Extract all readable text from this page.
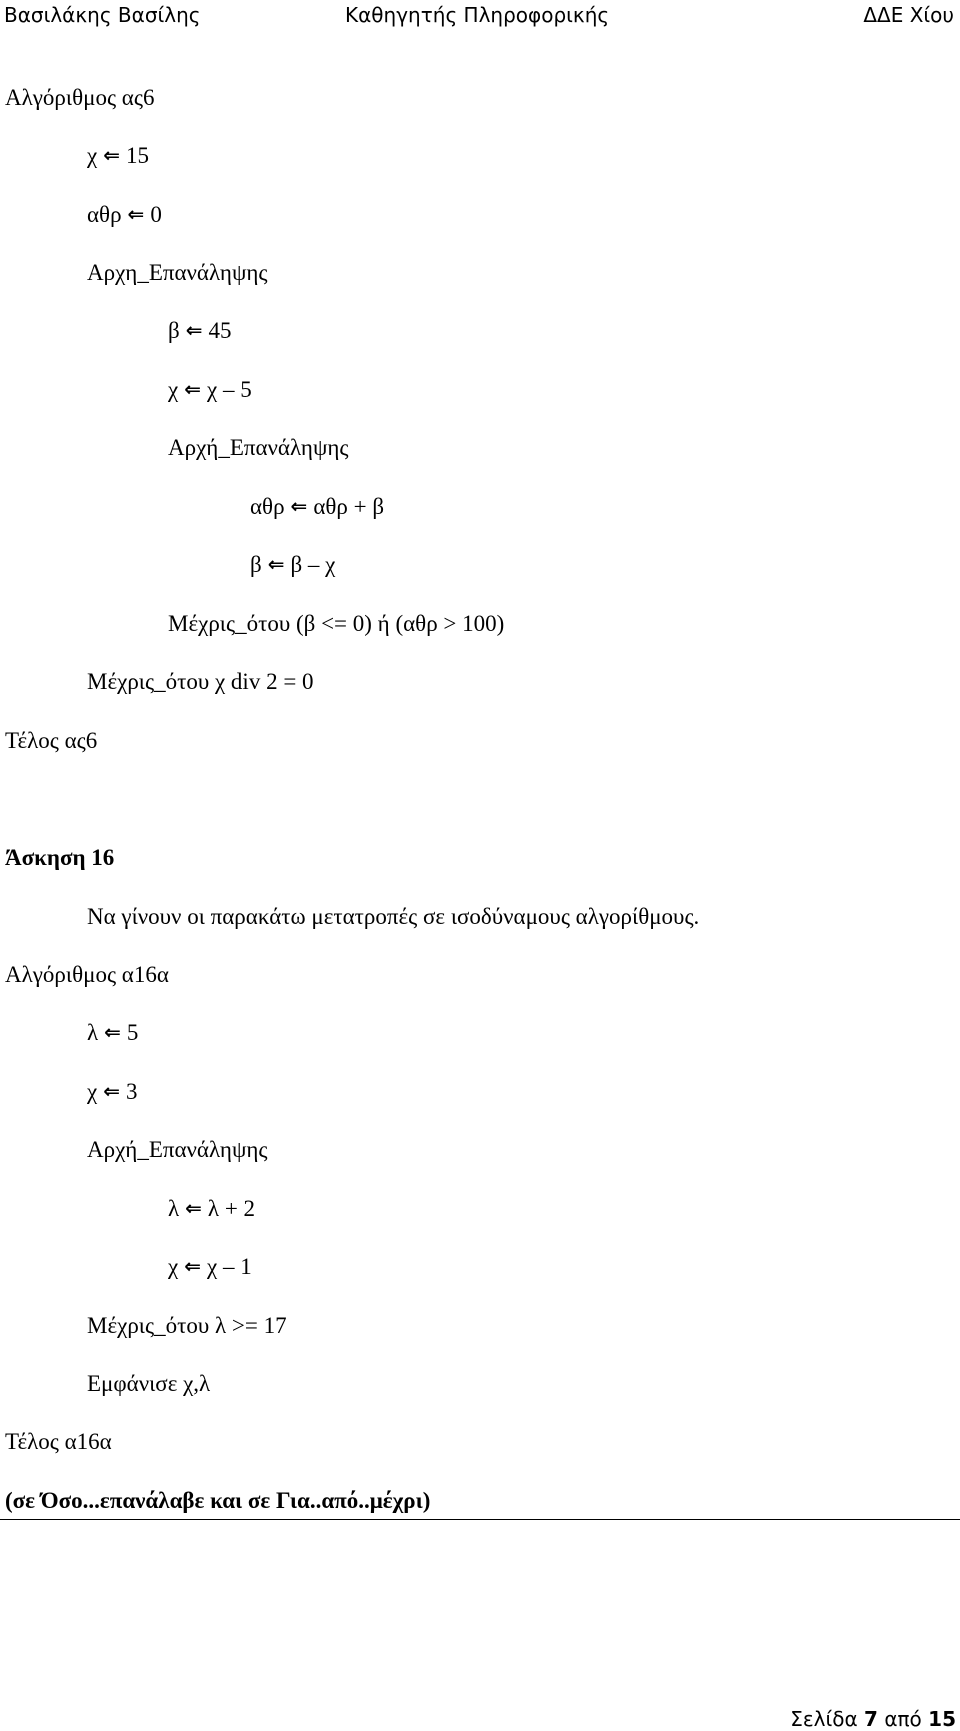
Βασιλάκης Βασίλης	Καθηγητής Πληροφορικής	ΔΔΕ Χίου
Αλγόριθμος ας6
χ ⇐ 15
αθρ ⇐ 0
Αρχη_Επανάληψης
β ⇐ 45
χ ⇐ χ – 5
Αρχή_Επανάληψης
αθρ ⇐ αθρ + β
β ⇐ β – χ
Μέχρις_ότου (β <= 0) ή (αθρ > 100)
Μέχρις_ότου χ div 2 = 0
Τέλος ας6
Άσκηση 16
Να γίνουν οι παρακάτω μετατροπές σε ισοδύναμους αλγορίθμους.
Αλγόριθμος α16α
λ ⇐ 5
χ ⇐ 3
Αρχή_Επανάληψης
λ ⇐ λ + 2
χ ⇐ χ – 1
Μέχρις_ότου λ >= 17
Εμφάνισε χ,λ
Τέλος α16α
(σε Όσο...επανάλαβε και σε Για..από..μέχρι)
Σελίδα 7 από 15
